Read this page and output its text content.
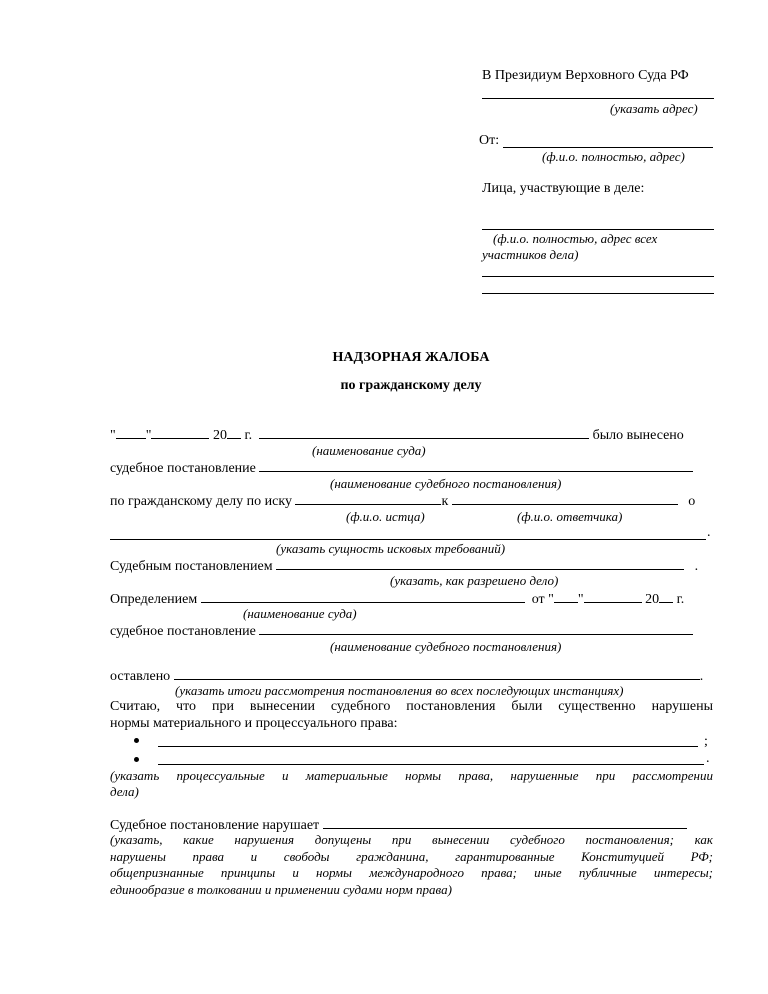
В Президиум Верховного Суда РФ
(указать адрес)
От:
(ф.и.о. полностью, адрес)
Лица, участвующие в деле:
(ф.и.о. полностью, адрес всех
участников дела)
НАДЗОРНАЯ ЖАЛОБА
по гражданскому делу
" "	20 г.	было вынесено
(наименование суда)
судебное постановление
(наименование судебного постановления)
по гражданскому делу по иску	к	о
(ф.и.о. истца)	(ф.и.о. ответчика)
.
(указать сущность исковых требований)
Судебным постановлением	.
(указать, как разрешено дело)
Определением	от " "	20 г.
(наименование суда)
судебное постановление
(наименование судебного постановления)
оставлено	.
(указать итоги рассмотрения постановления во всех последующих инстанциях)
Считаю, что при вынесении судебного постановления были существенно нарушены
нормы материального и процессуального права:
;
.
(указать процессуальные и материальные нормы права, нарушенные при рассмотрении
дела)
Судебное постановление нарушает
(указать, какие нарушения допущены при вынесении судебного постановления; как
нарушены права и свободы гражданина, гарантированные Конституцией РФ;
общепризнанные принципы и нормы международного права; иные публичные интересы;
единообразие в толковании и применении судами норм права)
